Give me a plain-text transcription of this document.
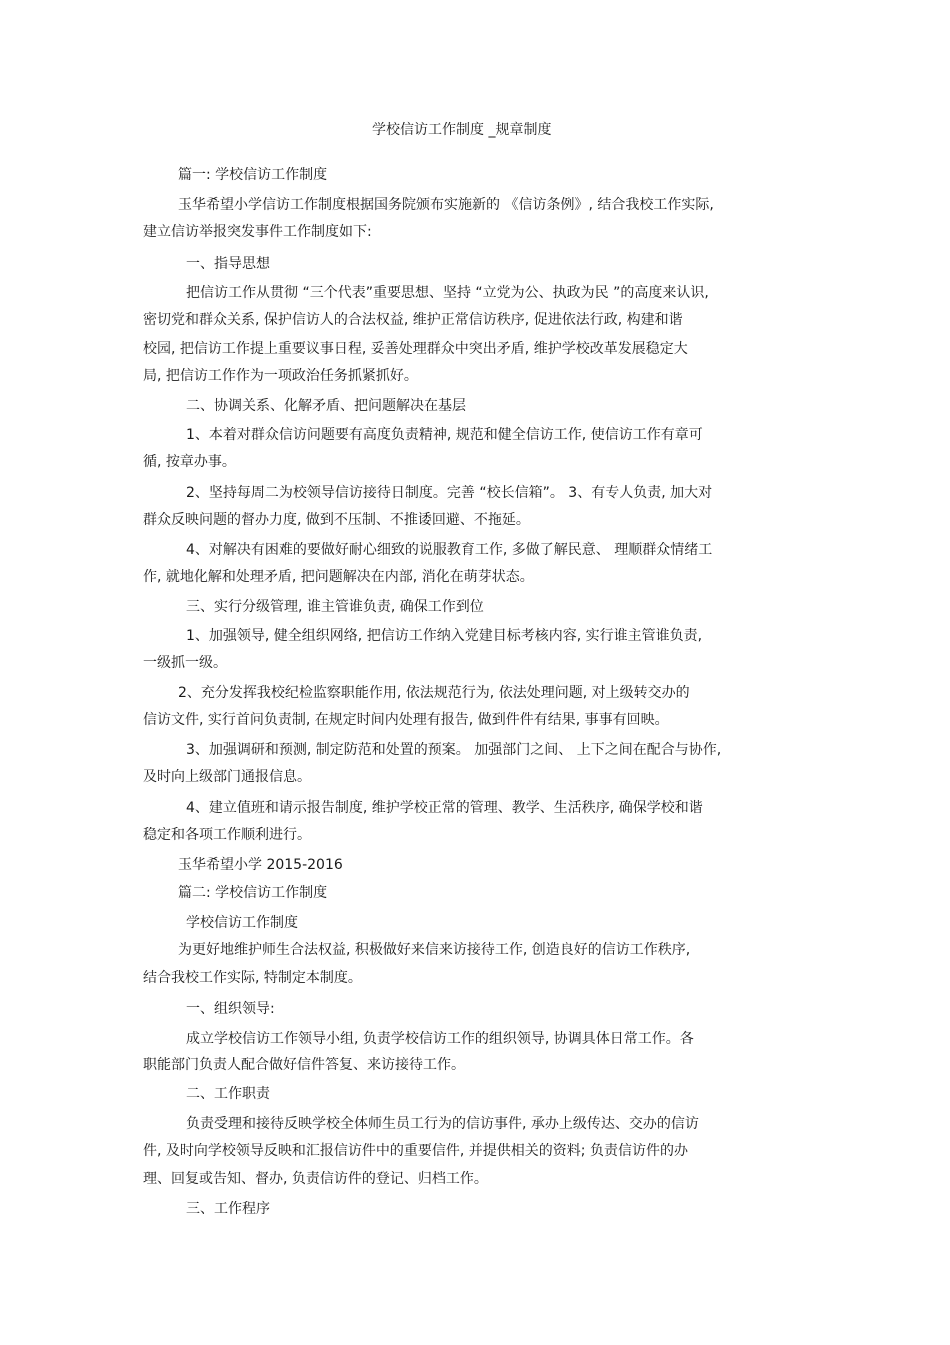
学校信访工作制度 _规章制度
篇一: 学校信访工作制度
玉华希望小学信访工作制度根据国务院颁布实施新的 《信访条例》, 结合我校工作实际,
建立信访举报突发事件工作制度如下:
一、指导思想
把信访工作从贯彻 “三个代表”重要思想、坚持 “立党为公、执政为民 ”的高度来认识,
密切党和群众关系, 保护信访人的合法权益, 维护正常信访秩序, 促进依法行政, 构建和谐
校园, 把信访工作提上重要议事日程, 妥善处理群众中突出矛盾, 维护学校改革发展稳定大
局, 把信访工作作为一项政治任务抓紧抓好。
二、协调关系、化解矛盾、把问题解决在基层
1、本着对群众信访问题要有高度负责精神, 规范和健全信访工作, 使信访工作有章可
循, 按章办事。
2、坚持每周二为校领导信访接待日制度。完善 “校长信箱”。 3、有专人负责, 加大对
群众反映问题的督办力度, 做到不压制、不推诿回避、不拖延。
4、对解决有困难的要做好耐心细致的说服教育工作, 多做了解民意、 理顺群众情绪工
作, 就地化解和处理矛盾, 把问题解决在内部, 消化在萌芽状态。
三、实行分级管理, 谁主管谁负责, 确保工作到位
1、加强领导, 健全组织网络, 把信访工作纳入党建目标考核内容, 实行谁主管谁负责,
一级抓一级。
2、充分发挥我校纪检监察职能作用, 依法规范行为, 依法处理问题, 对上级转交办的
信访文件, 实行首问负责制, 在规定时间内处理有报告, 做到件件有结果, 事事有回映。
3、加强调研和预测, 制定防范和处置的预案。 加强部门之间、 上下之间在配合与协作,
及时向上级部门通报信息。
4、建立值班和请示报告制度, 维护学校正常的管理、教学、生活秩序, 确保学校和谐
稳定和各项工作顺利进行。
玉华希望小学 2015-2016
篇二: 学校信访工作制度
学校信访工作制度
为更好地维护师生合法权益, 积极做好来信来访接待工作, 创造良好的信访工作秩序,
结合我校工作实际, 特制定本制度。
一、组织领导:
成立学校信访工作领导小组, 负责学校信访工作的组织领导, 协调具体日常工作。各
职能部门负责人配合做好信件答复、来访接待工作。
二、工作职责
负责受理和接待反映学校全体师生员工行为的信访事件, 承办上级传达、交办的信访
件, 及时向学校领导反映和汇报信访件中的重要信件, 并提供相关的资料; 负责信访件的办
理、回复或告知、督办, 负责信访件的登记、归档工作。
三、工作程序
